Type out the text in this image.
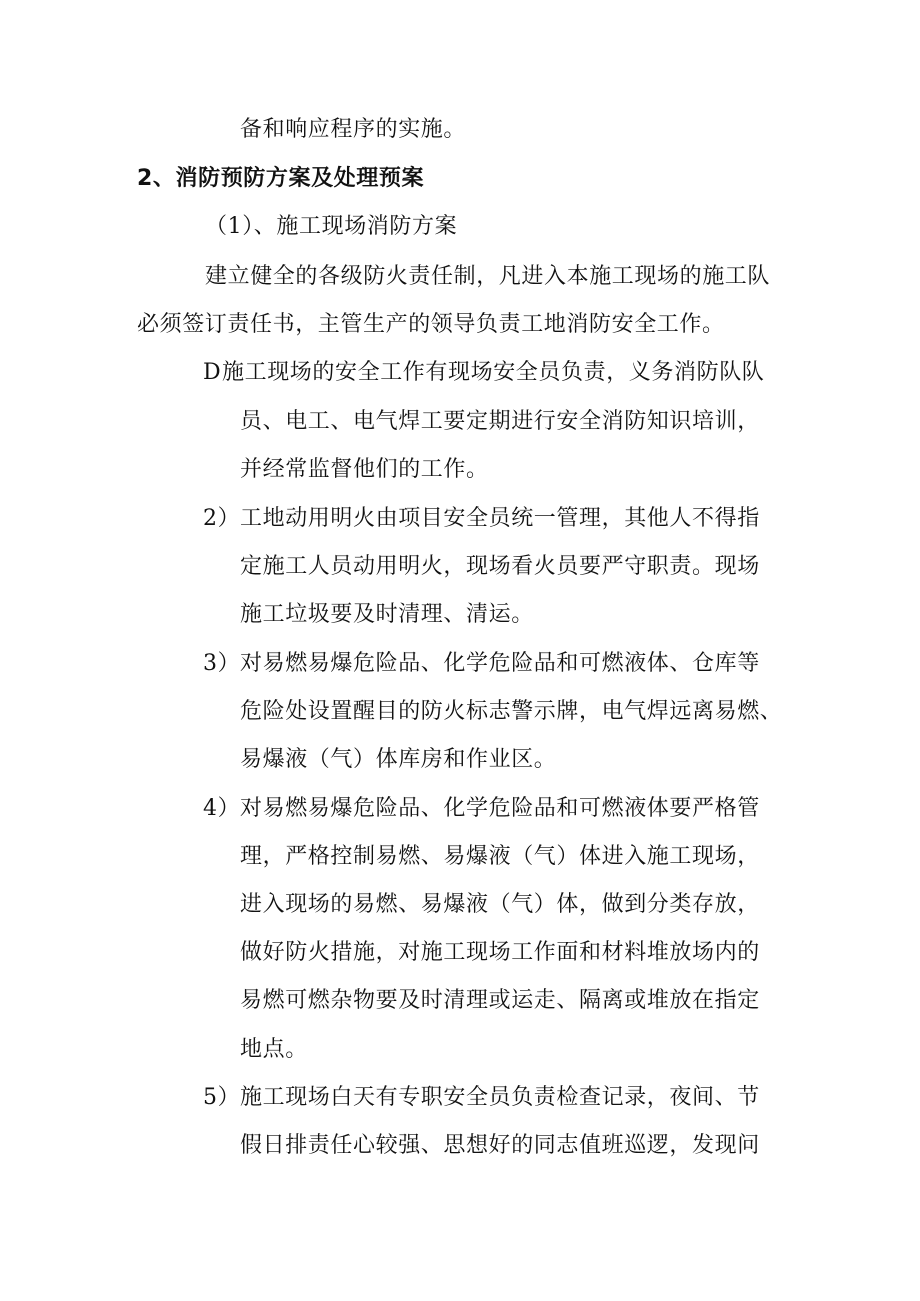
备和响应程序的实施。
2、消防预防方案及处理预案
（1）、施工现场消防方案
建立健全的各级防火责任制，凡进入本施工现场的施工队
必须签订责任书，主管生产的领导负责工地消防安全工作。
D 施工现场的安全工作有现场安全员负责，义务消防队队
员、电工、电气焊工要定期进行安全消防知识培训，
并经常监督他们的工作。
2） 工地动用明火由项目安全员统一管理，其他人不得指
定施工人员动用明火，现场看火员要严守职责。现场
施工垃圾要及时清理、清运。
3） 对易燃易爆危险品、化学危险品和可燃液体、仓库等
危险处设置醒目的防火标志警示牌，电气焊远离易燃、
易爆液（气）体库房和作业区。
4） 对易燃易爆危险品、化学危险品和可燃液体要严格管
理，严格控制易燃、易爆液（气）体进入施工现场，
进入现场的易燃、易爆液（气）体，做到分类存放，
做好防火措施，对施工现场工作面和材料堆放场内的
易燃可燃杂物要及时清理或运走、隔离或堆放在指定
地点。
5） 施工现场白天有专职安全员负责检查记录，夜间、节
假日排责任心较强、思想好的同志值班巡逻，发现问
